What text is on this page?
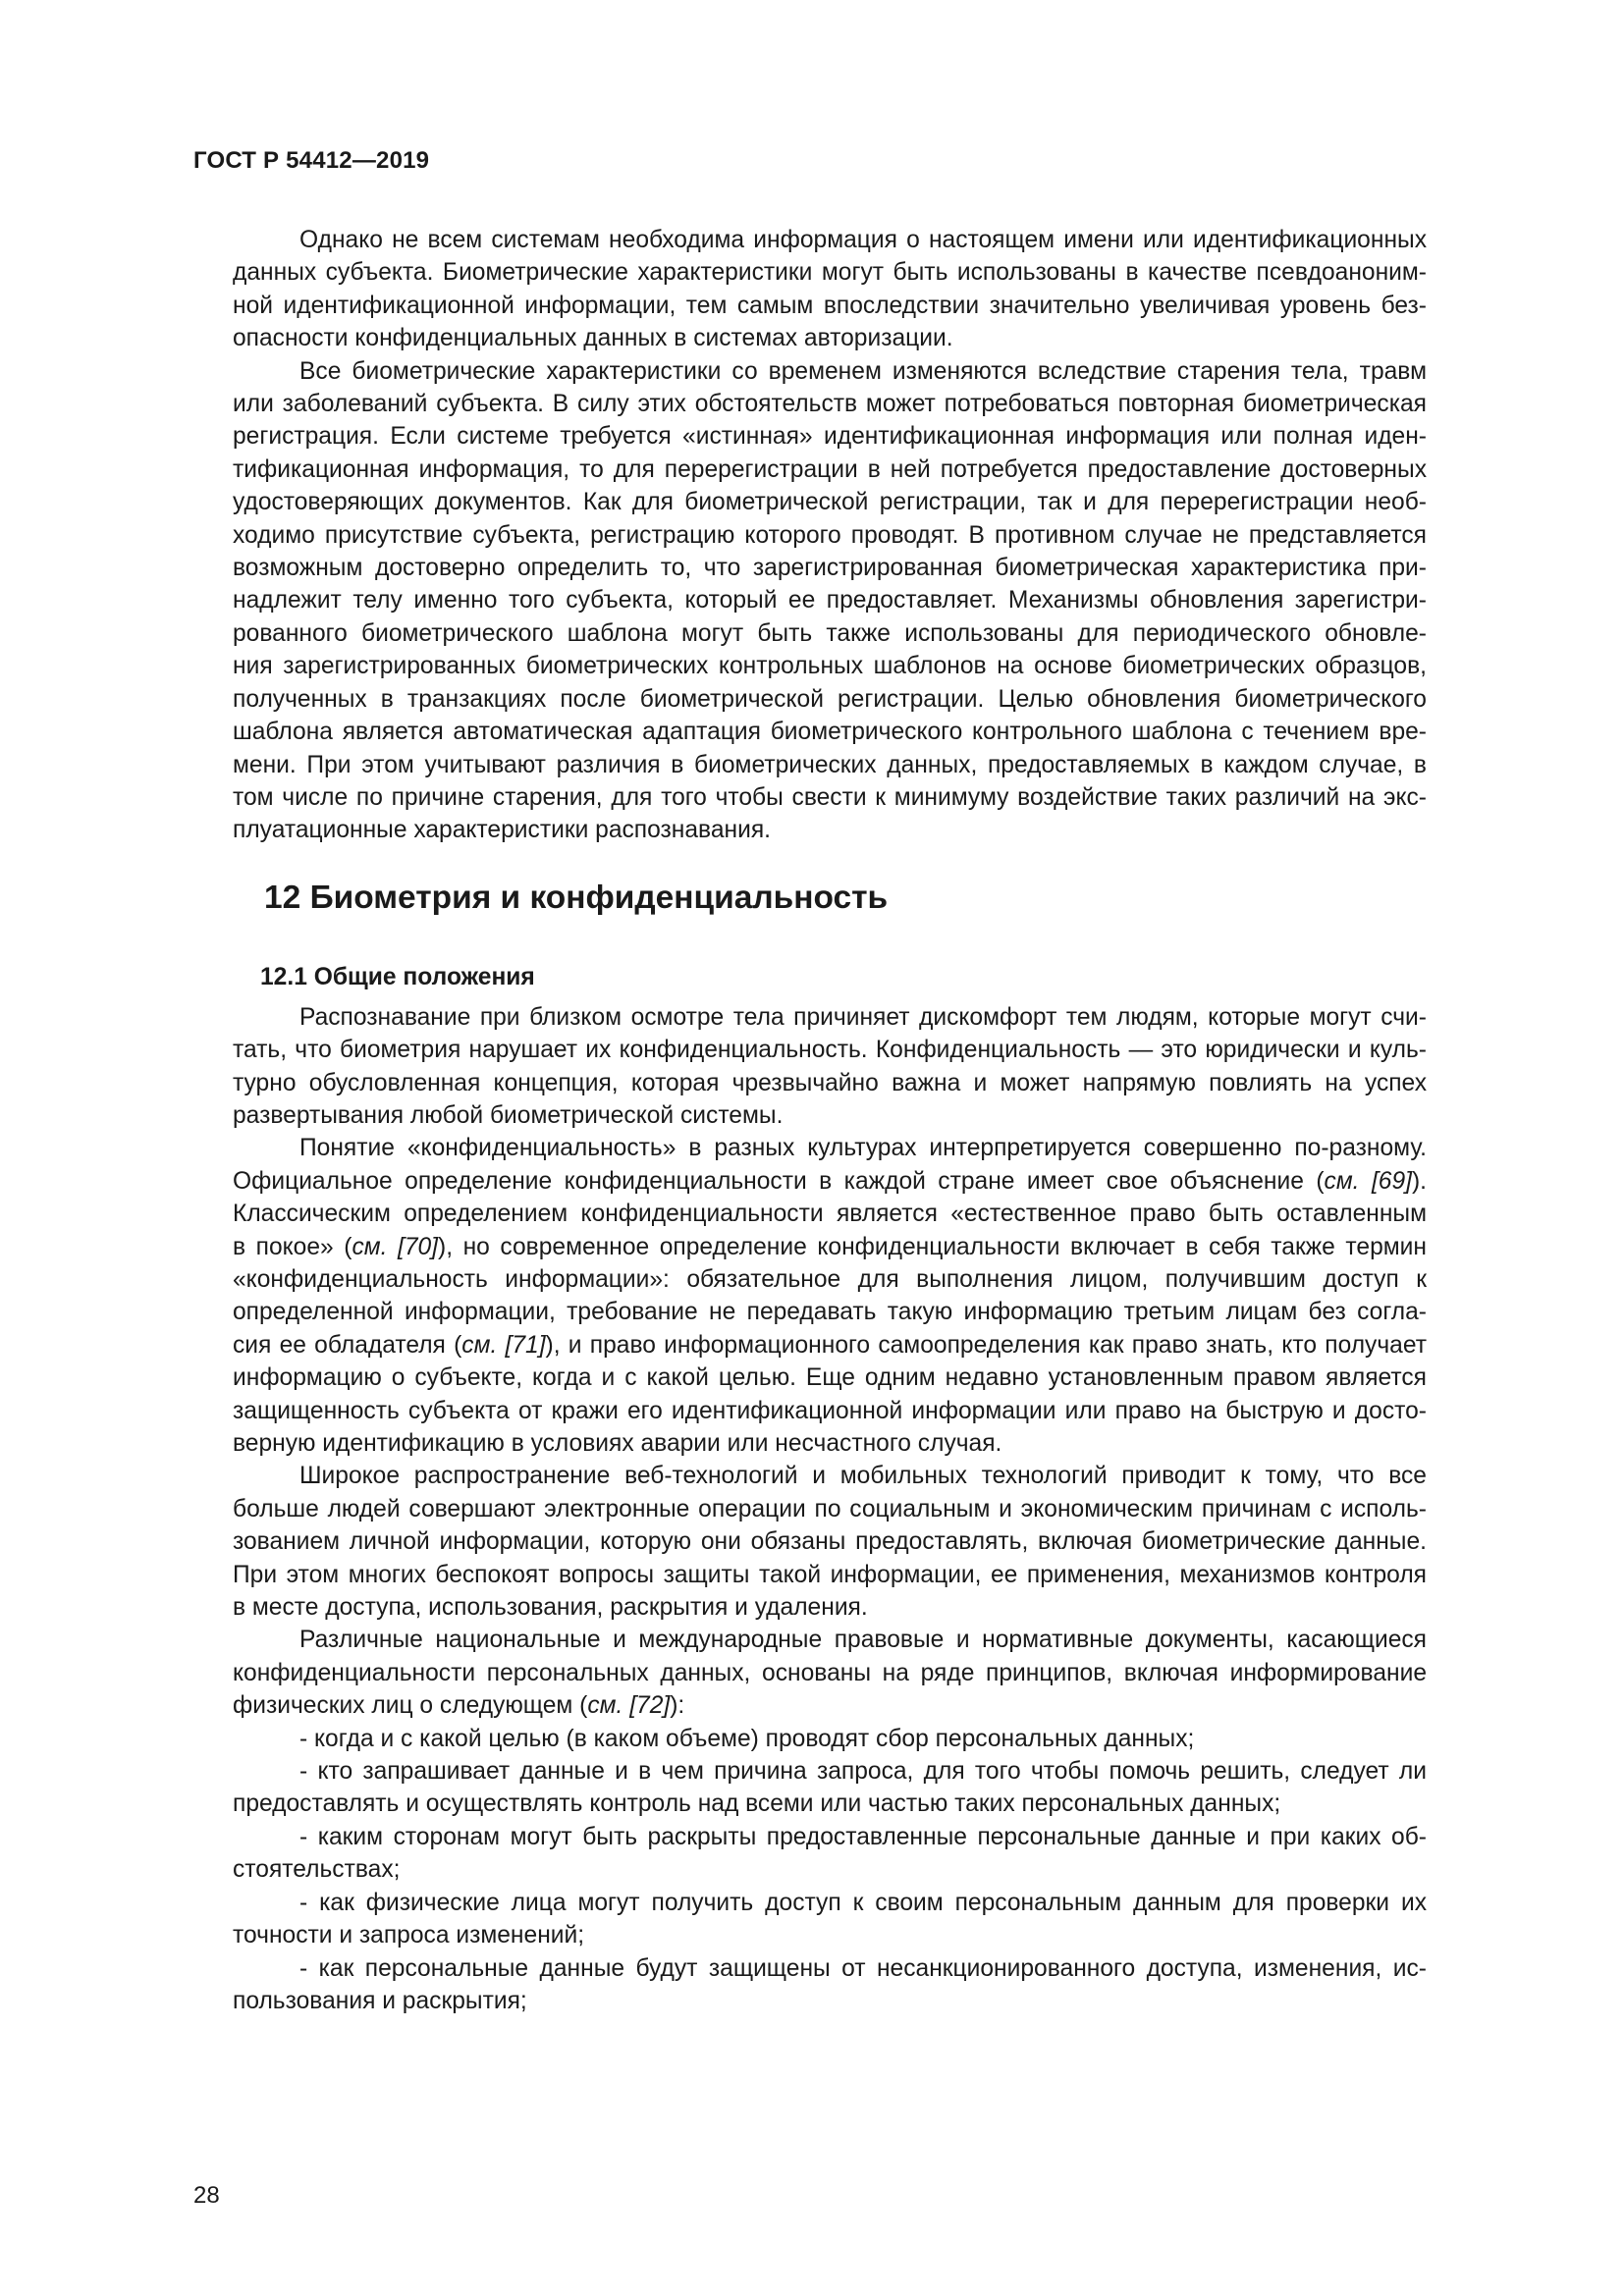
ГОСТ Р 54412—2019
Однако не всем системам необходима информация о настоящем имени или идентификационных
данных субъекта. Биометрические характеристики могут быть использованы в качестве псевдоаноним-
ной идентификационной информации, тем самым впоследствии значительно увеличивая уровень без-
опасности конфиденциальных данных в системах авторизации.
Все биометрические характеристики со временем изменяются вследствие старения тела, травм
или заболеваний субъекта. В силу этих обстоятельств может потребоваться повторная биометрическая
регистрация. Если системе требуется «истинная» идентификационная информация или полная иден-
тификационная информация, то для перерегистрации в ней потребуется предоставление достоверных
удостоверяющих документов. Как для биометрической регистрации, так и для перерегистрации необ-
ходимо присутствие субъекта, регистрацию которого проводят. В противном случае не представляется
возможным достоверно определить то, что зарегистрированная биометрическая характеристика при-
надлежит телу именно того субъекта, который ее предоставляет. Механизмы обновления зарегистри-
рованного биометрического шаблона могут быть также использованы для периодического обновле-
ния зарегистрированных биометрических контрольных шаблонов на основе биометрических образцов,
полученных в транзакциях после биометрической регистрации. Целью обновления биометрического
шаблона является автоматическая адаптация биометрического контрольного шаблона с течением вре-
мени. При этом учитывают различия в биометрических данных, предоставляемых в каждом случае, в
том числе по причине старения, для того чтобы свести к минимуму воздействие таких различий на экс-
плуатационные характеристики распознавания.
12 Биометрия и конфиденциальность
12.1 Общие положения
Распознавание при близком осмотре тела причиняет дискомфорт тем людям, которые могут счи-
тать, что биометрия нарушает их конфиденциальность. Конфиденциальность — это юридически и куль-
турно обусловленная концепция, которая чрезвычайно важна и может напрямую повлиять на успех
развертывания любой биометрической системы.
Понятие «конфиденциальность» в разных культурах интерпретируется совершенно по-разному.
Официальное определение конфиденциальности в каждой стране имеет свое объяснение (см. [69]).
Классическим определением конфиденциальности является «естественное право быть оставленным
в покое» (см. [70]), но современное определение конфиденциальности включает в себя также термин
«конфиденциальность информации»: обязательное для выполнения лицом, получившим доступ к
определенной информации, требование не передавать такую информацию третьим лицам без согла-
сия ее обладателя (см. [71]), и право информационного самоопределения как право знать, кто получает
информацию о субъекте, когда и с какой целью. Еще одним недавно установленным правом является
защищенность субъекта от кражи его идентификационной информации или право на быструю и досто-
верную идентификацию в условиях аварии или несчастного случая.
Широкое распространение веб-технологий и мобильных технологий приводит к тому, что все
больше людей совершают электронные операции по социальным и экономическим причинам с исполь-
зованием личной информации, которую они обязаны предоставлять, включая биометрические данные.
При этом многих беспокоят вопросы защиты такой информации, ее применения, механизмов контроля
в месте доступа, использования, раскрытия и удаления.
Различные национальные и международные правовые и нормативные документы, касающиеся
конфиденциальности персональных данных, основаны на ряде принципов, включая информирование
физических лиц о следующем (см. [72]):
- когда и с какой целью (в каком объеме) проводят сбор персональных данных;
- кто запрашивает данные и в чем причина запроса, для того чтобы помочь решить, следует ли
предоставлять и осуществлять контроль над всеми или частью таких персональных данных;
- каким сторонам могут быть раскрыты предоставленные персональные данные и при каких об-
стоятельствах;
- как физические лица могут получить доступ к своим персональным данным для проверки их
точности и запроса изменений;
- как персональные данные будут защищены от несанкционированного доступа, изменения, ис-
пользования и раскрытия;
28
